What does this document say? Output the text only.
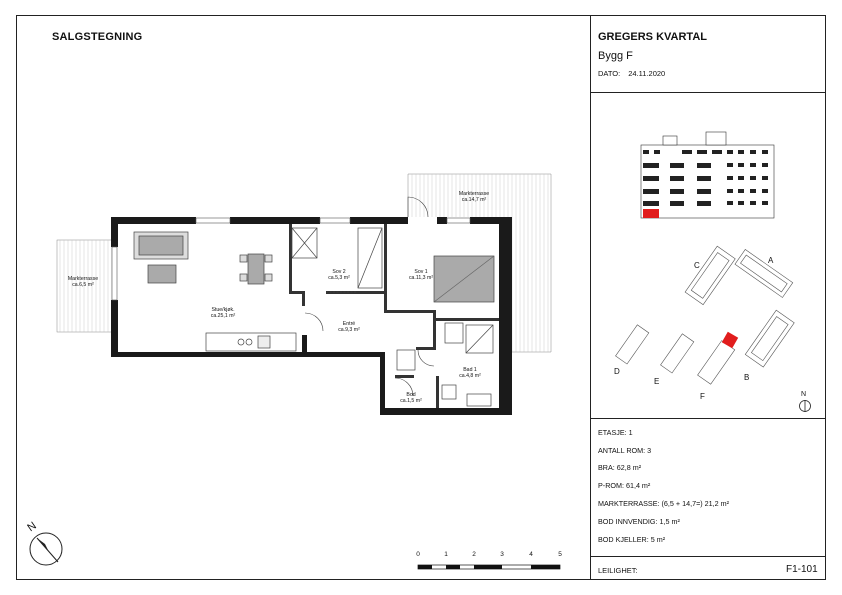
SALGSTEGNING	GREGERS KVARTAL
Bygg F
DATO: 24.11.2020
Markterrasse
ca.6,5 m²
Markterrasse
ca.14,7 m²
Stue/kjøk.
ca.25,1 m²
Sov 2
ca.5,3 m²
Sov 1
ca.11,3 m²
Entré
ca.9,3 m²
Bad 1
ca.4,8 m²
Bod
ca.1,5 m²
A
B
C
D
E
F	N
N
0	1	2	3	4	5
ETASJE: 1
ANTALL ROM: 3
BRA: 62,8 m²
P-ROM: 61,4 m²
MARKTERRASSE: (6,5 + 14,7=) 21,2 m²
BOD INNVENDIG: 1,5 m²
BOD KJELLER: 5 m²
LEILIGHET:	F1-101
